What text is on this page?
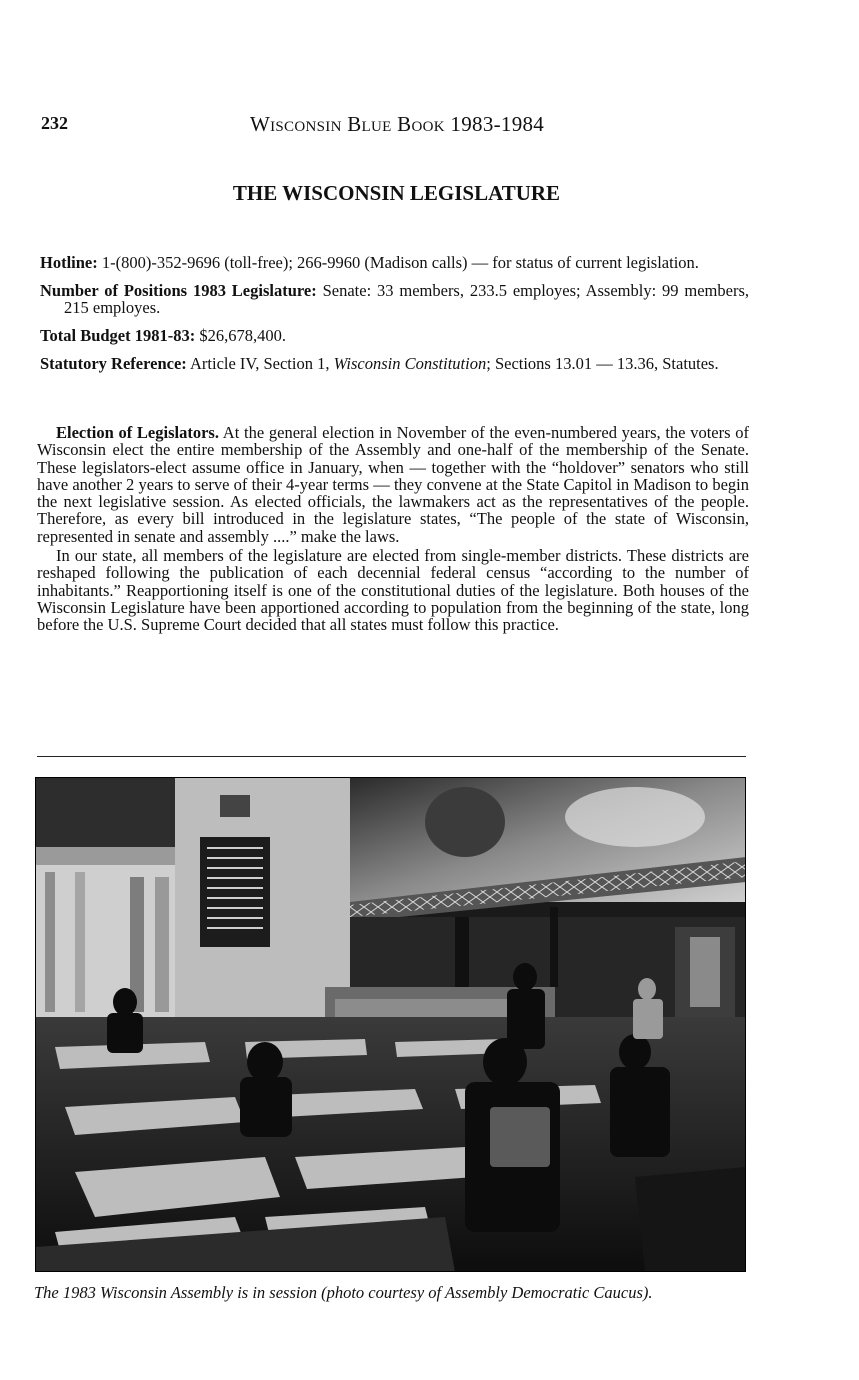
232	Wisconsin Blue Book 1983-1984
THE WISCONSIN LEGISLATURE

Hotline: 1-(800)-352-9696 (toll-free); 266-9960 (Madison calls) — for status of current legislation.

Number of Positions 1983 Legislature: Senate: 33 members, 233.5 employes; Assembly: 99 members, 215 employes.

Total Budget 1981-83: $26,678,400.

Statutory Reference: Article IV, Section 1, Wisconsin Constitution; Sections 13.01 — 13.36, Statutes.

Election of Legislators. At the general election in November of the even-numbered years, the voters of Wisconsin elect the entire membership of the Assembly and one-half of the membership of the Senate. These legislators-elect assume office in January, when — together with the “holdover” senators who still have another 2 years to serve of their 4-year terms — they convene at the State Capitol in Madison to begin the next legislative session. As elected officials, the lawmakers act as the representatives of the people. Therefore, as every bill introduced in the legislature states, “The people of the state of Wisconsin, represented in senate and assembly ....” make the laws.

In our state, all members of the legislature are elected from single-member districts. These districts are reshaped following the publication of each decennial federal census “according to the number of inhabitants.” Reapportioning itself is one of the constitutional duties of the legislature. Both houses of the Wisconsin Legislature have been apportioned according to population from the beginning of the state, long before the U.S. Supreme Court decided that all states must follow this practice.

The 1983 Wisconsin Assembly is in session (photo courtesy of Assembly Democratic Caucus).
